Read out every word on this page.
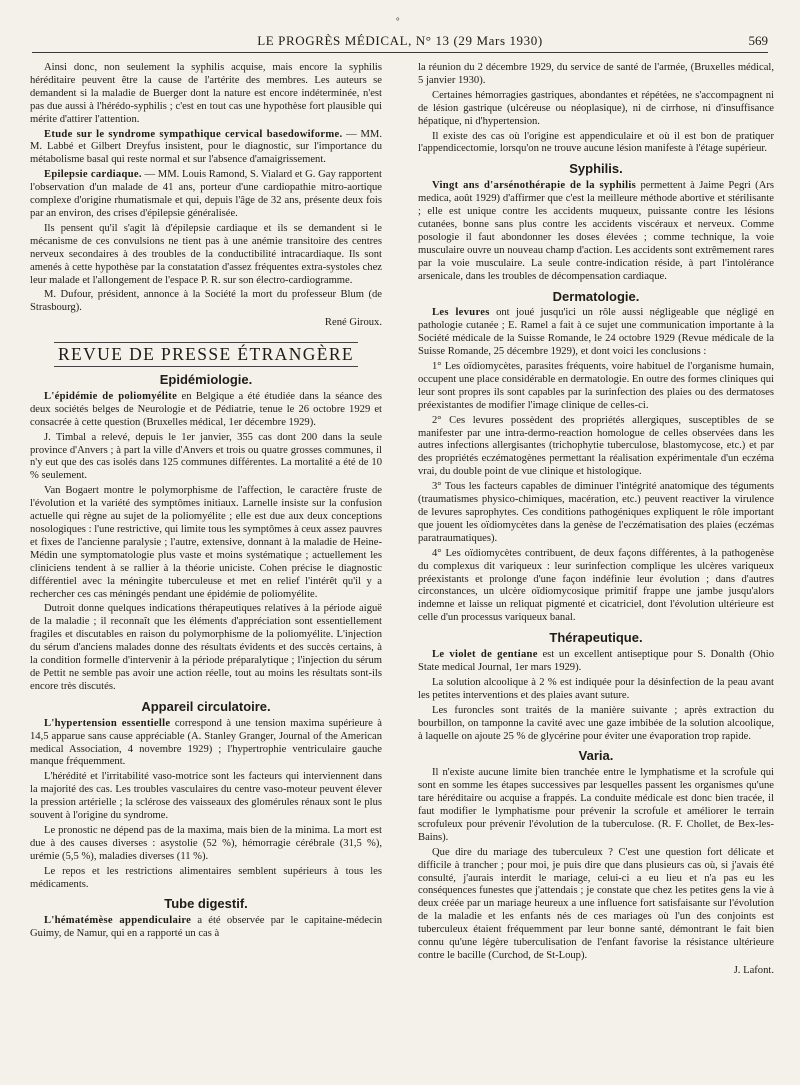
°
LE PROGRÈS MÉDICAL, N° 13 (29 Mars 1930)	569

Ainsi donc, non seulement la syphilis acquise, mais encore la syphilis héréditaire peuvent être la cause de l'artérite des membres. Les auteurs se demandent si la maladie de Buerger dont la nature est encore indéterminée, n'est pas due aussi à l'hérédo-syphilis ; c'est en tout cas une hypothèse fort plausible qui mérite d'attirer l'attention.

Etude sur le syndrome sympathique cervical basedowiforme. — MM. M. Labbé et Gilbert Dreyfus insistent, pour le diagnostic, sur l'importance du métabolisme basal qui reste normal et sur l'absence d'amaigrissement.

Epilepsie cardiaque. — MM. Louis Ramond, S. Vialard et G. Gay rapportent l'observation d'un malade de 41 ans, porteur d'une cardiopathie mitro-aortique complexe d'origine rhumatismale et qui, depuis l'âge de 32 ans, présente deux fois par an environ, des crises d'épilepsie généralisée.

Ils pensent qu'il s'agit là d'épilepsie cardiaque et ils se demandent si le mécanisme de ces convulsions ne tient pas à une anémie transitoire des centres nerveux secondaires à des troubles de la conductibilité intracardiaque. Ils sont amenés à cette hypothèse par la constatation d'assez fréquentes extra-systoles chez leur malade et l'allongement de l'espace P. R. sur son électro-cardiogramme.

M. Dufour, président, annonce à la Société la mort du professeur Blum (de Strasbourg).

René Giroux.

REVUE DE PRESSE ÉTRANGÈRE
Epidémiologie.

L'épidémie de poliomyélite en Belgique a été étudiée dans la séance des deux sociétés belges de Neurologie et de Pédiatrie, tenue le 26 octobre 1929 et consacrée à cette question (Bruxelles médical, 1er décembre 1929).

J. Timbal a relevé, depuis le 1er janvier, 355 cas dont 200 dans la seule province d'Anvers ; à part la ville d'Anvers et trois ou quatre grosses communes, il n'y eut que des cas isolés dans 125 communes différentes. La mortalité a été de 10 % seulement.

Van Bogaert montre le polymorphisme de l'affection, le caractère fruste de l'évolution et la variété des symptômes initiaux. Larnelle insiste sur la confusion actuelle qui règne au sujet de la poliomyélite ; elle est due aux deux conceptions nosologiques : l'une restrictive, qui limite tous les symptômes à ceux assez pauvres et fixes de l'ancienne paralysie ; l'autre, extensive, donnant à la maladie de Heine-Médin une symptomatologie plus vaste et moins systématique ; actuellement les cliniciens tendent à se rallier à la théorie uniciste. Cohen précise le diagnostic différentiel avec la méningite tuberculeuse et met en relief l'intérêt qu'il y a rechercher ces cas méningés pendant une épidémie de poliomyélite.

Dutroit donne quelques indications thérapeutiques relatives à la période aiguë de la maladie ; il reconnaît que les éléments d'appréciation sont essentiellement fragiles et discutables en raison du polymorphisme de la poliomyélite. L'injection du sérum d'anciens malades donne des résultats évidents et des succès certains, à la condition formelle d'intervenir à la période préparalytique ; l'injection du sérum de Pettit ne semble pas avoir une action réelle, tout au moins les résultats sont-ils encore très discutés.

Appareil circulatoire.

L'hypertension essentielle correspond à une tension maxima supérieure à 14,5 apparue sans cause appréciable (A. Stanley Granger, Journal of the American medical Association, 4 novembre 1929) ; l'hypertrophie ventriculaire gauche manque fréquemment.

L'hérédité et l'irritabilité vaso-motrice sont les facteurs qui interviennent dans la majorité des cas. Les troubles vasculaires du centre vaso-moteur peuvent élever la pression artérielle ; la sclérose des vaisseaux des glomérules rénaux sont le plus souvent à l'origine du syndrome.

Le pronostic ne dépend pas de la maxima, mais bien de la minima. La mort est due à des causes diverses : asystolie (52 %), hémorragie cérébrale (31,5 %), urémie (5,5 %), maladies diverses (11 %).

Le repos et les restrictions alimentaires semblent supérieurs à tous les médicaments.

Tube digestif.

L'hématémèse appendiculaire a été observée par le capitaine-médecin Guimy, de Namur, qui en a rapporté un cas à

la réunion du 2 décembre 1929, du service de santé de l'armée, (Bruxelles médical, 5 janvier 1930).

Certaines hémorragies gastriques, abondantes et répétées, ne s'accompagnent ni de lésion gastrique (ulcéreuse ou néoplasique), ni de cirrhose, ni d'insuffisance hépatique, ni d'hypertension.

Il existe des cas où l'origine est appendiculaire et où il est bon de pratiquer l'appendicectomie, lorsqu'on ne trouve aucune lésion manifeste à l'étage supérieur.

Syphilis.

Vingt ans d'arsénothérapie de la syphilis permettent à Jaime Pegri (Ars medica, août 1929) d'affirmer que c'est la meilleure méthode abortive et stérilisante ; elle est unique contre les accidents muqueux, puissante contre les lésions cutanées, bonne sans plus contre les accidents viscéraux et nerveux. Comme posologie il faut abondonner les doses élevées ; comme technique, la voie musculaire ouvre un nouveau champ d'action. Les accidents sont extrêmement rares par la voie musculaire. La seule contre-indication réside, à part l'intolérance arsenicale, dans les troubles de décompensation cardiaque.

Dermatologie.

Les levures ont joué jusqu'ici un rôle aussi négligeable que négligé en pathologie cutanée ; E. Ramel a fait à ce sujet une communication importante à la Société médicale de la Suisse Romande, le 24 octobre 1929 (Revue médicale de la Suisse Romande, 25 décembre 1929), et dont voici les conclusions :

1° Les oïdiomycètes, parasites fréquents, voire habituel de l'organisme humain, occupent une place considérable en dermatologie. En outre des formes cliniques qui leur sont propres ils sont capables par la surinfection des plaies ou des dermatoses préexistantes de modifier l'image clinique de celles-ci.

2° Ces levures possèdent des propriétés allergiques, susceptibles de se manifester par une intra-dermo-reaction homologue de celles observées dans les autres infections allergisantes (trichophytie tuberculose, blastomycose, etc.) et par des propriétés eczématogènes permettant la réalisation expérimentale d'un eczéma vrai, du double point de vue clinique et histologique.

3° Tous les facteurs capables de diminuer l'intégrité anatomique des téguments (traumatismes physico-chimiques, macération, etc.) peuvent reactiver la virulence de levures saprophytes. Ces conditions pathogéniques expliquent le rôle important que jouent les oïdiomycètes dans la genèse de l'eczématisation des plaies (eczémas paratraumatiques).

4° Les oïdiomycètes contribuent, de deux façons différentes, à la pathogenèse du complexus dit variqueux : leur surinfection complique les ulcères variqueux préexistants et prolonge d'une façon indéfinie leur évolution ; dans d'autres circonstances, un ulcère oïdiomycosique primitif frappe une jambe jusqu'alors indemne et laisse un reliquat pigmenté et cicatriciel, dont l'évolution ultérieure est celle d'un processus variqueux banal.

Thérapeutique.

Le violet de gentiane est un excellent antiseptique pour S. Donalth (Ohio State medical Journal, 1er mars 1929).

La solution alcoolique à 2 % est indiquée pour la désinfection de la peau avant les petites interventions et des plaies avant suture.

Les furoncles sont traités de la manière suivante ; après extraction du bourbillon, on tamponne la cavité avec une gaze imbibée de la solution alcoolique, à laquelle on ajoute 25 % de glycérine pour éviter une évaporation trop rapide.

Varia.

Il n'existe aucune limite bien tranchée entre le lymphatisme et la scrofule qui sont en somme les étapes successives par lesquelles passent les organismes qu'une tare héréditaire ou acquise a frappés. La conduite médicale est donc bien tracée, il faut modifier le lymphatisme pour prévenir la scrofule et améliorer le terrain scrofuleux pour prévenir l'évolution de la tuberculose. (R. F. Chollet, de Bex-les-Bains).

Que dire du mariage des tuberculeux ? C'est une question fort délicate et difficile à trancher ; pour moi, je puis dire que dans plusieurs cas où, si j'avais été consulté, j'aurais interdit le mariage, celui-ci a eu lieu et n'a pas eu les conséquences funestes que j'attendais ; je constate que chez les petites gens la vie à deux créée par un mariage heureux a une influence fort satisfaisante sur l'évolution de la maladie et les enfants nés de ces mariages où l'un des conjoints est tuberculeux étaient fréquemment par leur bonne santé, démontrant le fait bien connu qu'une légère tuberculisation de l'enfant favorise la résistance ultérieure contre le bacille (Curchod, de St-Loup).

J. Lafont.
